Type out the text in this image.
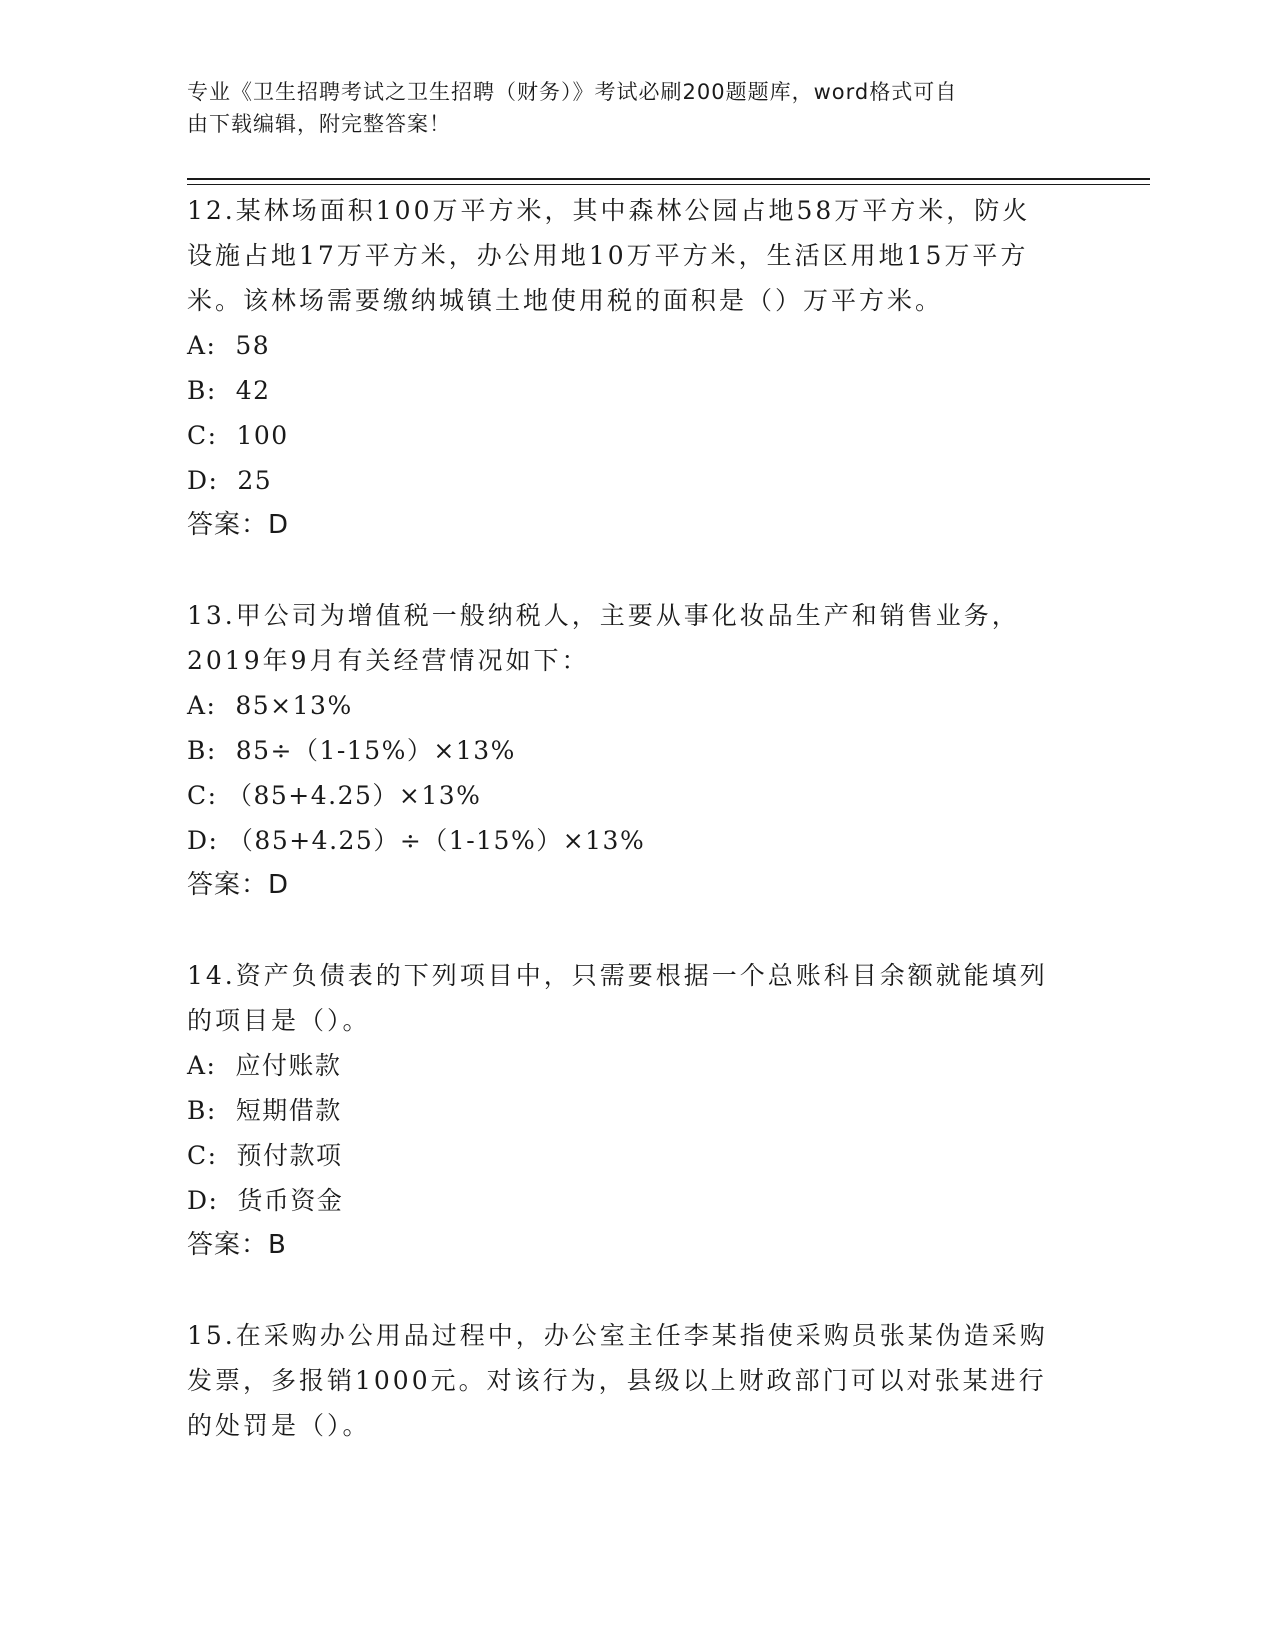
专业《卫生招聘考试之卫生招聘（财务）》考试必刷200题题库，word格式可自
由下载编辑，附完整答案！

12.某林场面积100万平方米，其中森林公园占地58万平方米，防火

设施占地17万平方米，办公用地10万平方米，生活区用地15万平方

米。该林场需要缴纳城镇土地使用税的面积是（）万平方米。

A:  58

B:  42

C:  100

D:  25

答案：D

13.甲公司为增值税一般纳税人，主要从事化妆品生产和销售业务，

2019年9月有关经营情况如下：

A:  85×13%

B:  85÷（1-15%）×13%

C: （85+4.25）×13%

D: （85+4.25）÷（1-15%）×13%

答案：D

14.资产负债表的下列项目中，只需要根据一个总账科目余额就能填列

的项目是（）。

A:  应付账款

B:  短期借款

C:  预付款项

D:  货币资金

答案：B

15.在采购办公用品过程中，办公室主任李某指使采购员张某伪造采购

发票，多报销1000元。对该行为，县级以上财政部门可以对张某进行

的处罚是（）。
